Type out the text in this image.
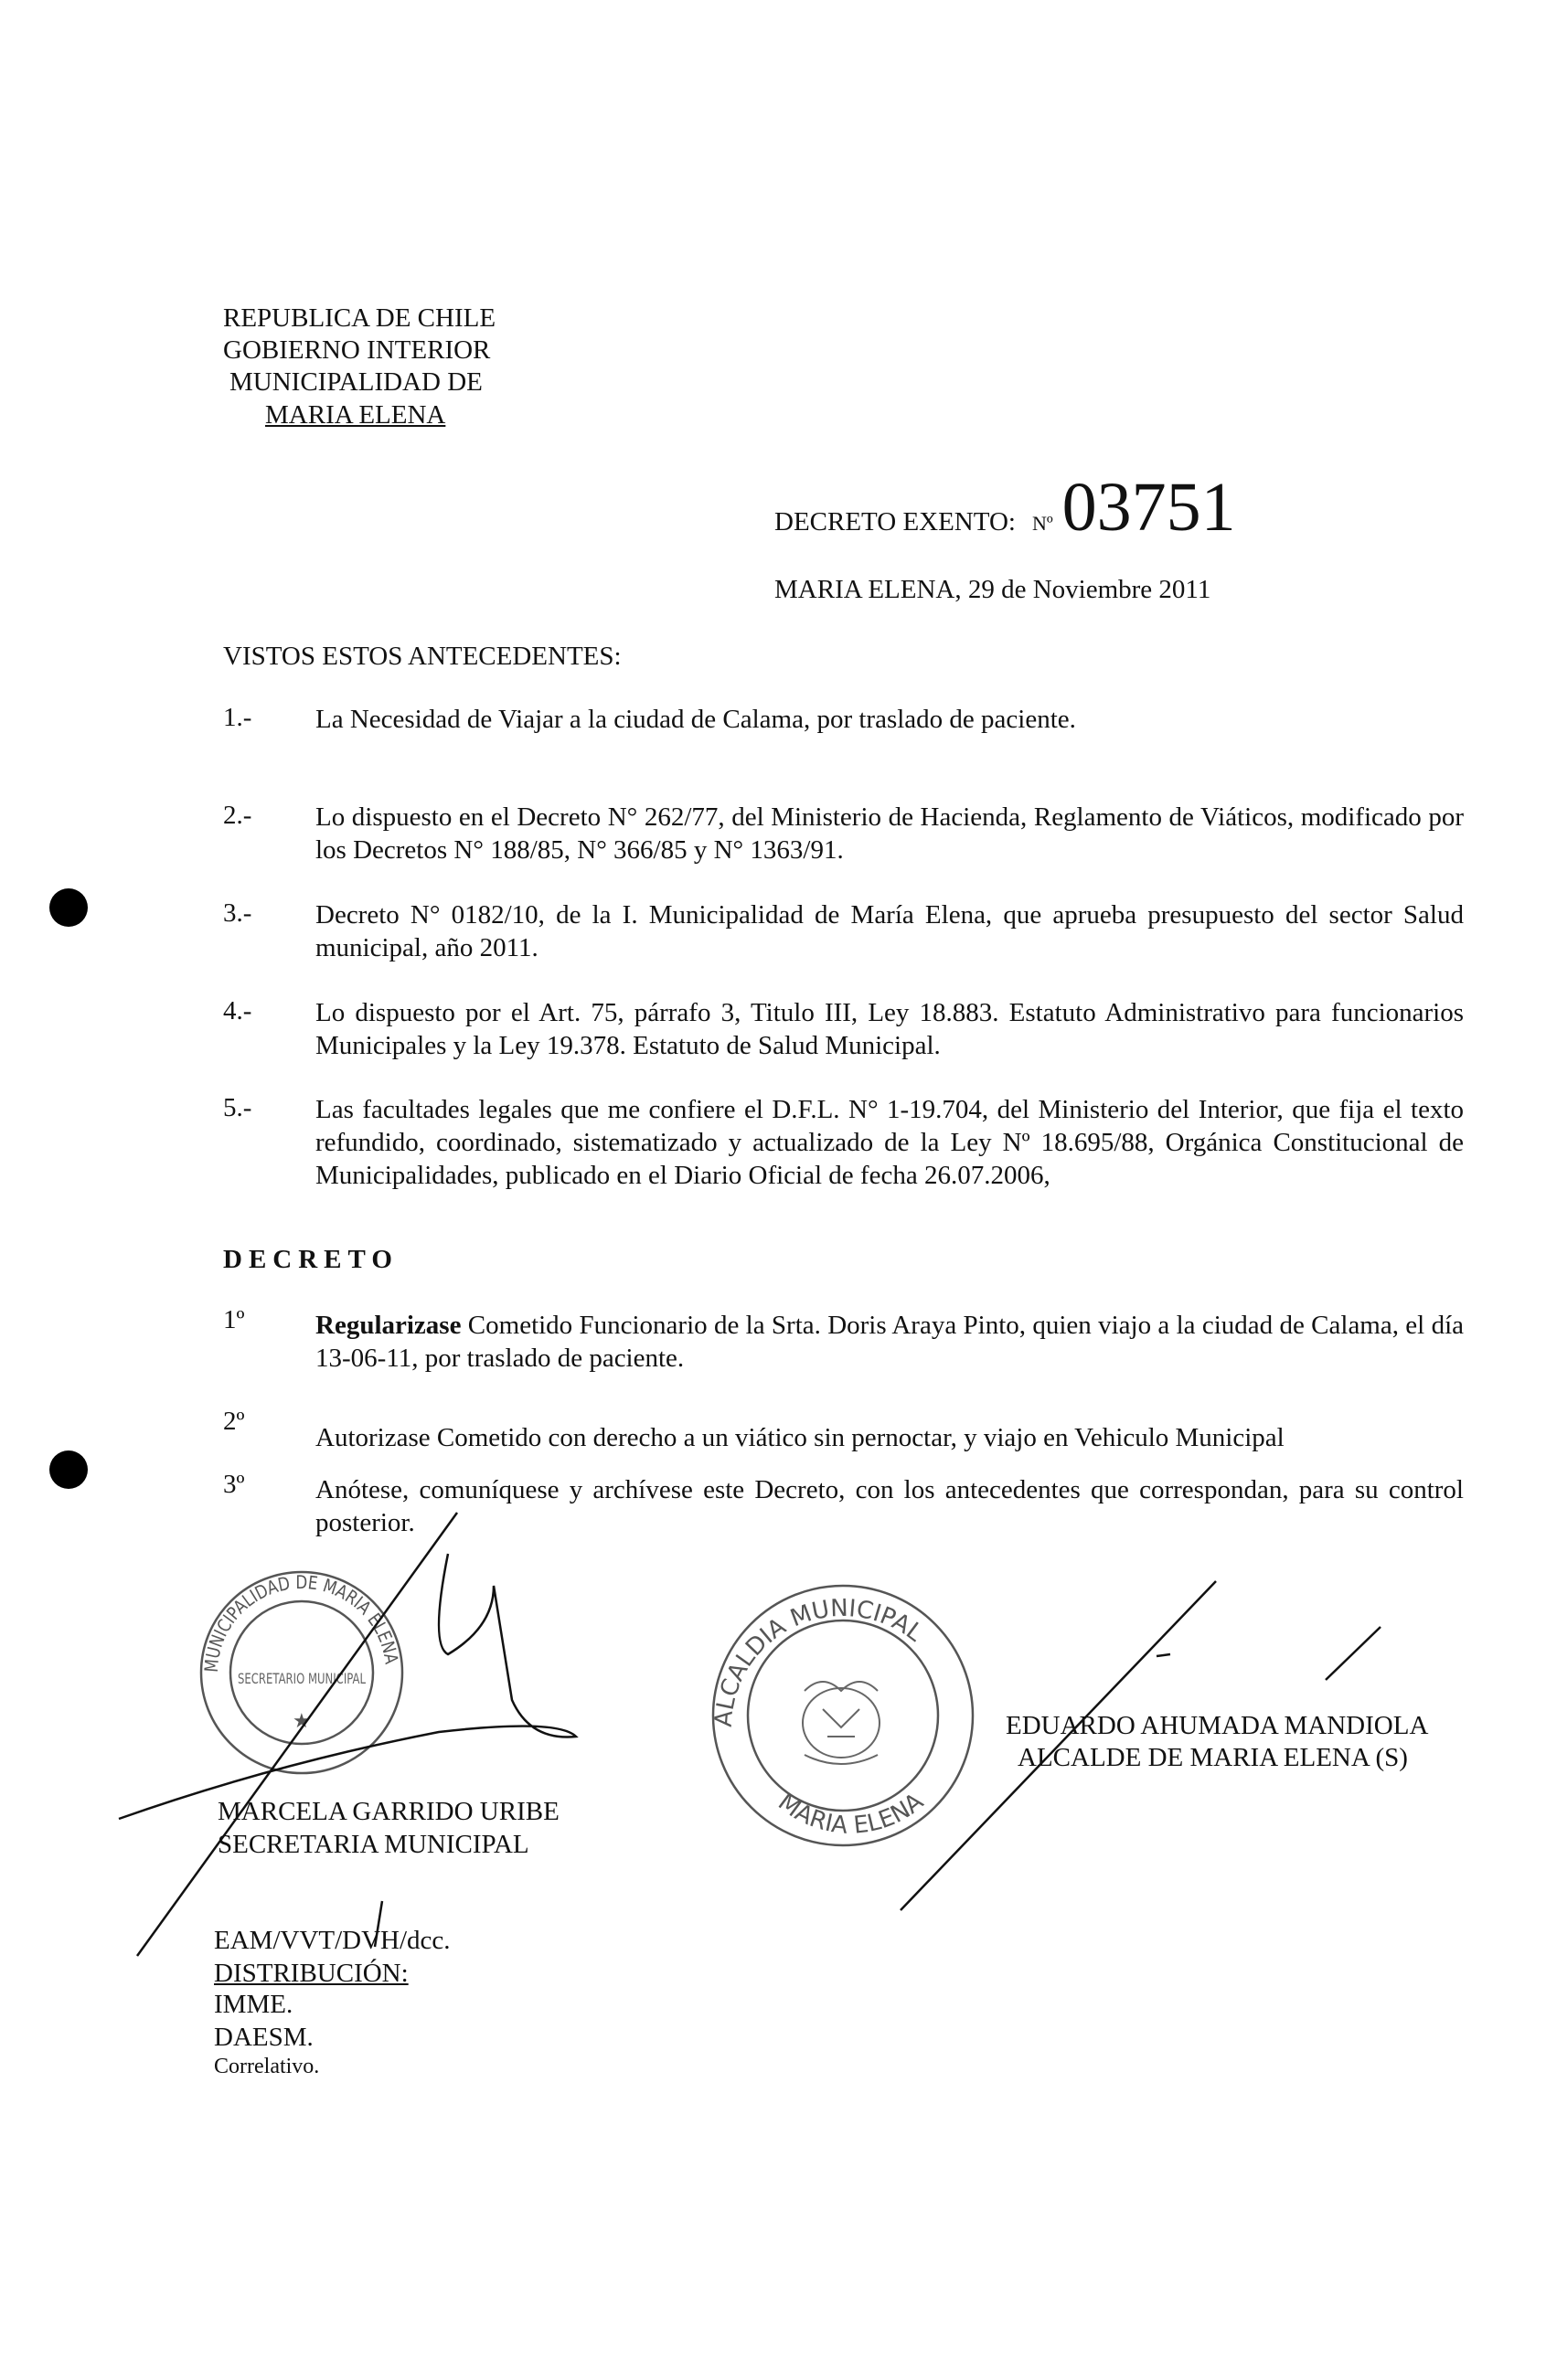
REPUBLICA DE CHILE
GOBIERNO INTERIOR
MUNICIPALIDAD DE
MARIA ELENA
DECRETO EXENTO: Nº 03751
MARIA ELENA, 29 de Noviembre 2011
VISTOS ESTOS ANTECEDENTES:
1.- La Necesidad de Viajar a la ciudad de Calama, por traslado de paciente.
2.- Lo dispuesto en el Decreto N° 262/77, del Ministerio de Hacienda, Reglamento de Viáticos, modificado por los Decretos N° 188/85, N° 366/85 y N° 1363/91.
3.- Decreto N° 0182/10, de la I. Municipalidad de María Elena, que aprueba presupuesto del sector Salud municipal, año 2011.
4.- Lo dispuesto por el Art. 75, párrafo 3, Titulo III, Ley 18.883. Estatuto Administrativo para funcionarios Municipales y la Ley 19.378. Estatuto de Salud Municipal.
5.- Las facultades legales que me confiere el D.F.L. N° 1-19.704, del Ministerio del Interior, que fija el texto refundido, coordinado, sistematizado y actualizado de la Ley Nº 18.695/88, Orgánica Constitucional de Municipalidades, publicado en el Diario Oficial de fecha 26.07.2006,
DECRETO
1º	Regularizase Cometido Funcionario de la Srta. Doris Araya Pinto, quien viajo a la ciudad de Calama, el día 13-06-11, por traslado de paciente.
2º
Autorizase Cometido con derecho a un viático sin pernoctar, y viajo en Vehiculo Municipal
3º	Anótese, comuníquese y archívese este Decreto, con los antecedentes que correspondan, para su control posterior.
MUNICIPALIDAD DE MARIA ELENA
SECRETARIO MUNICIPAL
★	ALCALDIA MUNICIPAL
MARIA ELENA
MARCELA GARRIDO URIBE
SECRETARIA MUNICIPAL
EDUARDO AHUMADA MANDIOLA
ALCALDE DE MARIA ELENA (S)
EAM/VVT/DVH/dcc.
DISTRIBUCIÓN:
IMME.
DAESM.
Correlativo.
